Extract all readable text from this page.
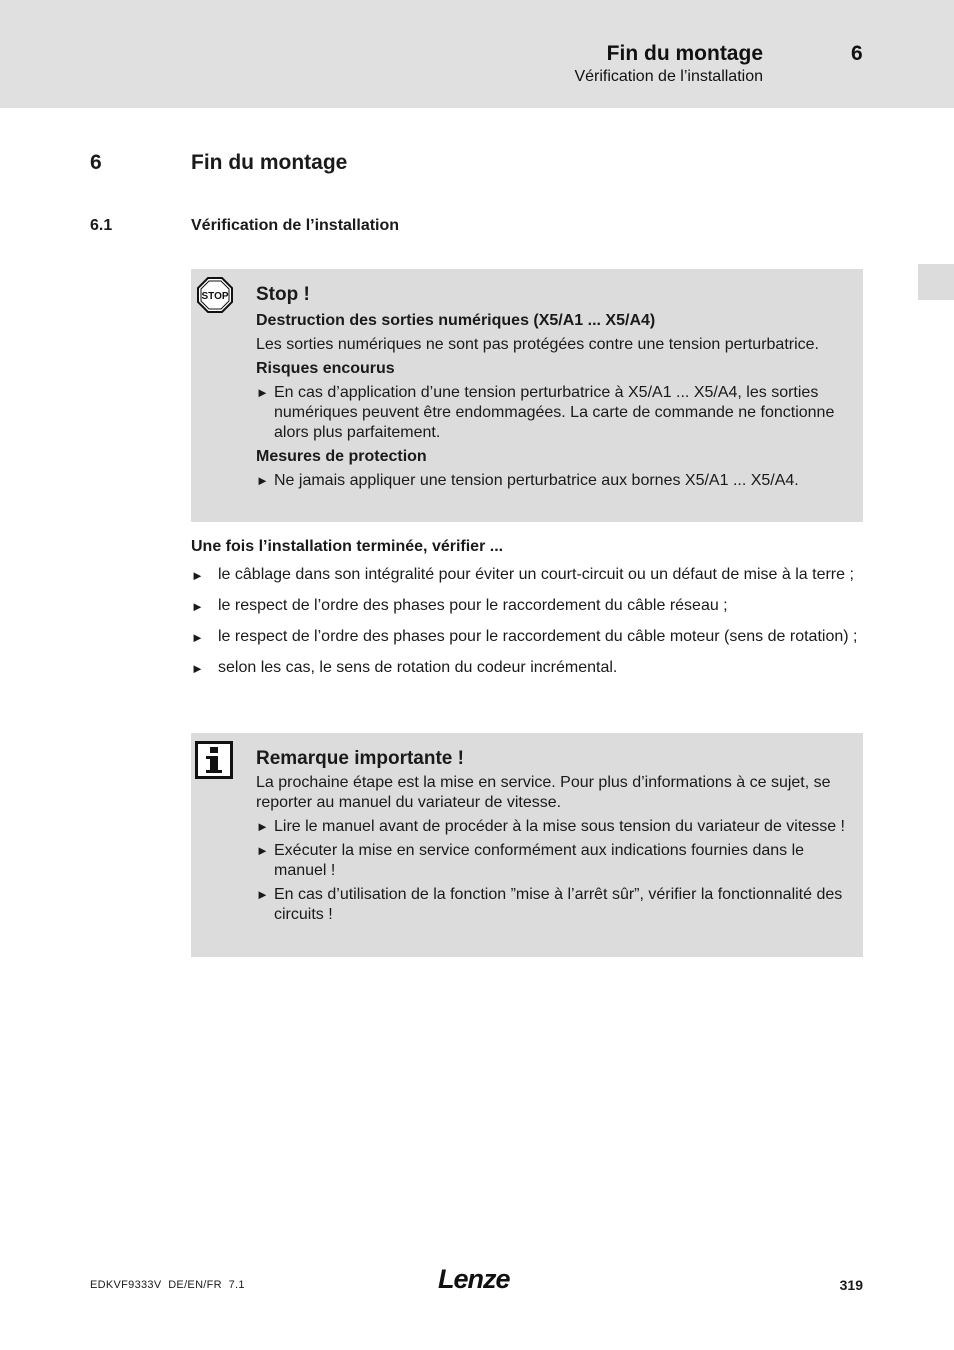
Fin du montage	6
Vérification de l’installation
6	Fin du montage
6.1	Vérification de l’installation
STOP Stop !
Destruction des sorties numériques (X5/A1 ... X5/A4)
Les sorties numériques ne sont pas protégées contre une tension perturbatrice.
Risques encourus
► En cas d’application d’une tension perturbatrice à X5/A1 ... X5/A4, les sorties numériques peuvent être endommagées. La carte de commande ne fonctionne alors plus parfaitement.
Mesures de protection
► Ne jamais appliquer une tension perturbatrice aux bornes X5/A1 ... X5/A4.
Une fois l’installation terminée, vérifier ...
► le câblage dans son intégralité pour éviter un court-circuit ou un défaut de mise à la terre ;
► le respect de l’ordre des phases pour le raccordement du câble réseau ;
► le respect de l’ordre des phases pour le raccordement du câble moteur (sens de rotation) ;
► selon les cas, le sens de rotation du codeur incrémental.
Remarque importante !
La prochaine étape est la mise en service. Pour plus d’informations à ce sujet, se reporter au manuel du variateur de vitesse.
► Lire le manuel avant de procéder à la mise sous tension du variateur de vitesse !
► Exécuter la mise en service conformément aux indications fournies dans le manuel !
► En cas d’utilisation de la fonction ”mise à l’arrêt sûr”, vérifier la fonctionnalité des circuits !
EDKVF9333V  DE/EN/FR  7.1	Lenze	319
